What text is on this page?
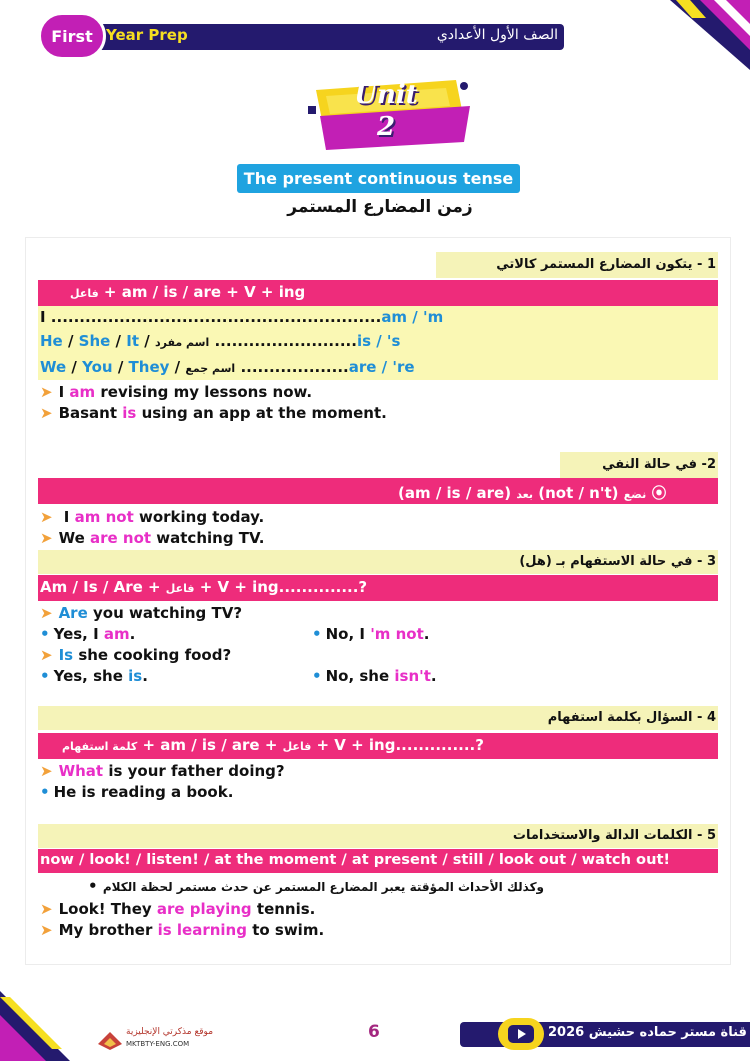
First Year Prep	الصف الأول الأعدادي
Unit
2
The present continuous tense
زمن المضارع المستمر
1 - يتكون المضارع المستمر كالاتي
فاعل + am / is / are + V + ing
I ..........................................................am / 'm
He / She / It / اسم مفرد .........................is / 's
We / You / They / اسم جمع ...................are / 're
➤ I am revising my lessons now.
➤ Basant is using an app at the moment.
2- في حالة النفي
(am / is / are) بعد (not / n't) نضع ⦿
➤ I am not working today.
➤ We are not watching TV.
3 - في حالة الاستفهام بـ (هل)
Am / Is / Are + فاعل + V + ing..............?
➤ Are you watching TV?
• Yes, I am.	• No, I 'm not.
➤ Is she cooking food?
• Yes, she is.	• No, she isn't.
4 - السؤال بكلمة استفهام
كلمة استفهام + am / is / are + فاعل + V + ing..............?
➤ What is your father doing?
• He is reading a book.
5 - الكلمات الدالة والاستخدامات
now / look! / listen! / at the moment / at present / still / look out / watch out!
• وكذلك الأحداث المؤقتة يعبر المضارع المستمر عن حدث مستمر لحظة الكلام
➤ Look! They are playing tennis.
➤ My brother is learning to swim.
موقع مذكرتي الإنجليزية
MKTBTY-ENG.COM
6	قناة مستر حماده حشيش 2026
